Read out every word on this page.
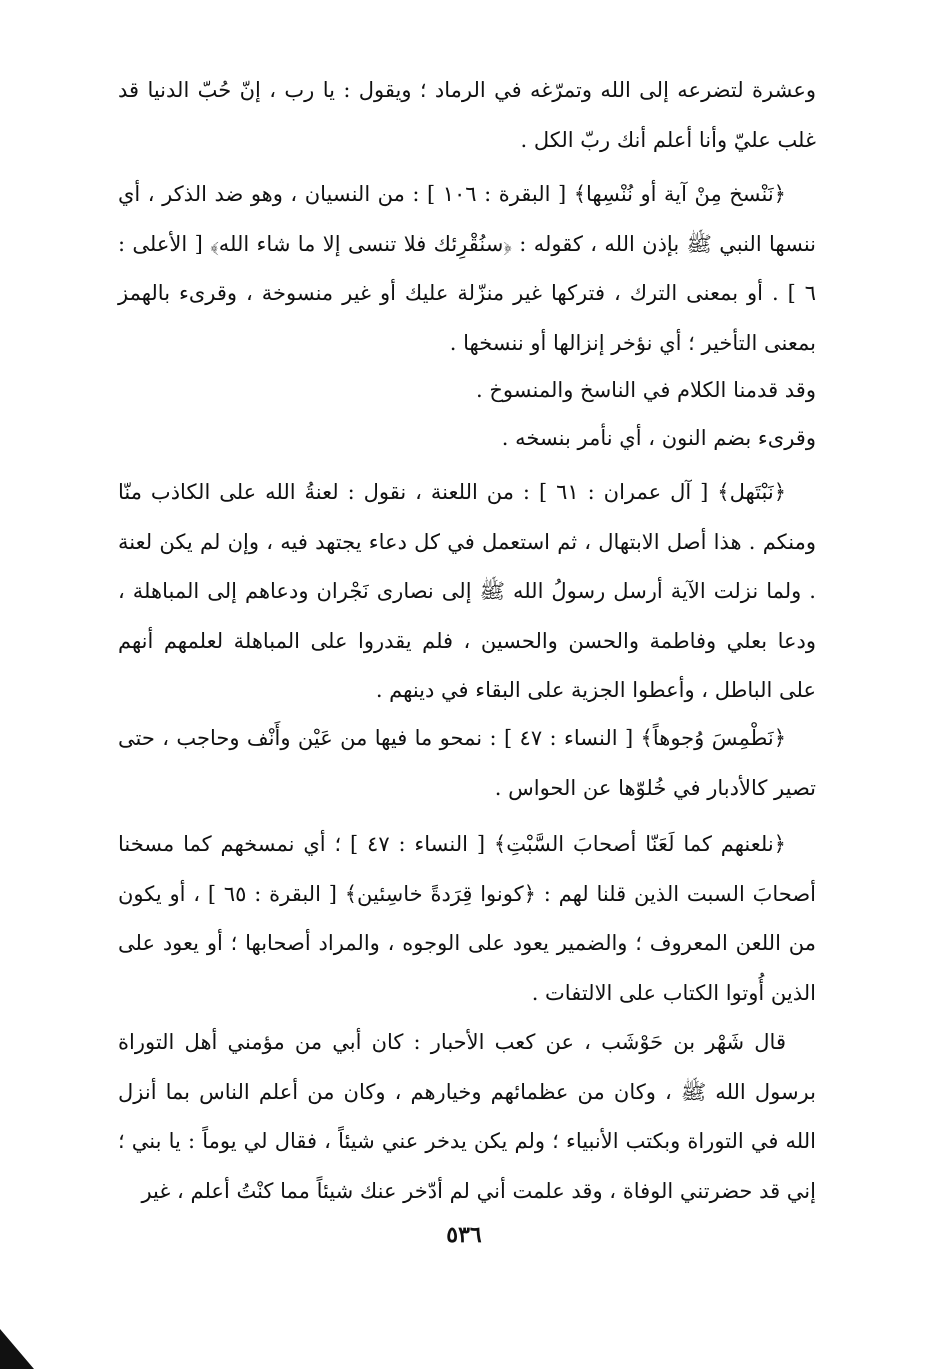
وعشرة لتضرعه إلى الله وتمرّغه في الرماد ؛ ويقول : يا رب ، إنّ حُبّ الدنيا قد غلب عليّ وأنا أعلم أنك ربّ الكل .

﴿نَنْسخ مِنْ آية أو نُنْسِها﴾ [ البقرة : ١٠٦ ] : من النسيان ، وهو ضد الذكر ، أي ننسها النبي ﷺ بإذن الله ، كقوله : ﴿سنُقْرِئك فلا تنسى إلا ما شاء الله﴾ [ الأعلى : ٦ ] . أو بمعنى الترك ، فتركها غير منزّلة عليك أو غير منسوخة ، وقرىء بالهمز بمعنى التأخير ؛ أي نؤخر إنزالها أو ننسخها .

وقد قدمنا الكلام في الناسخ والمنسوخ .
وقرىء بضم النون ، أي نأمر بنسخه .

﴿نَبْتَهل﴾ [ آل عمران : ٦١ ] : من اللعنة ، نقول : لعنةُ الله على الكاذب منّا ومنكم . هذا أصل الابتهال ، ثم استعمل في كل دعاء يجتهد فيه ، وإن لم يكن لعنة . ولما نزلت الآية أرسل رسولُ الله ﷺ إلى نصارى نَجْران ودعاهم إلى المباهلة ، ودعا بعلي وفاطمة والحسن والحسين ، فلم يقدروا على المباهلة لعلمهم أنهم على الباطل ، وأعطوا الجزية على البقاء في دينهم .

﴿نَطْمِسَ وُجوهاً﴾ [ النساء : ٤٧ ] : نمحو ما فيها من عَيْن وأَنْف وحاجب ، حتى تصير كالأدبار في خُلوّها عن الحواس .

﴿نلعنهم كما لَعَنّا أصحابَ السَّبْتِ﴾ [ النساء : ٤٧ ] ؛ أي نمسخهم كما مسخنا أصحابَ السبت الذين قلنا لهم : ﴿كونوا قِرَدةً خاسِئين﴾ [ البقرة : ٦٥ ] ، أو يكون من اللعن المعروف ؛ والضمير يعود على الوجوه ، والمراد أصحابها ؛ أو يعود على الذين أُوتوا الكتاب على الالتفات .

قال شَهْر بن حَوْشَب ، عن كعب الأحبار : كان أبي من مؤمني أهل التوراة برسول الله ﷺ ، وكان من عظمائهم وخيارهم ، وكان من أعلم الناس بما أنزل الله في التوراة وبكتب الأنبياء ؛ ولم يكن يدخر عني شيئاً ، فقال لي يوماً : يا بني ؛ إني قد حضرتني الوفاة ، وقد علمت أني لم أدّخر عنك شيئاً مما كنْتُ أعلم ، غير

٥٣٦
